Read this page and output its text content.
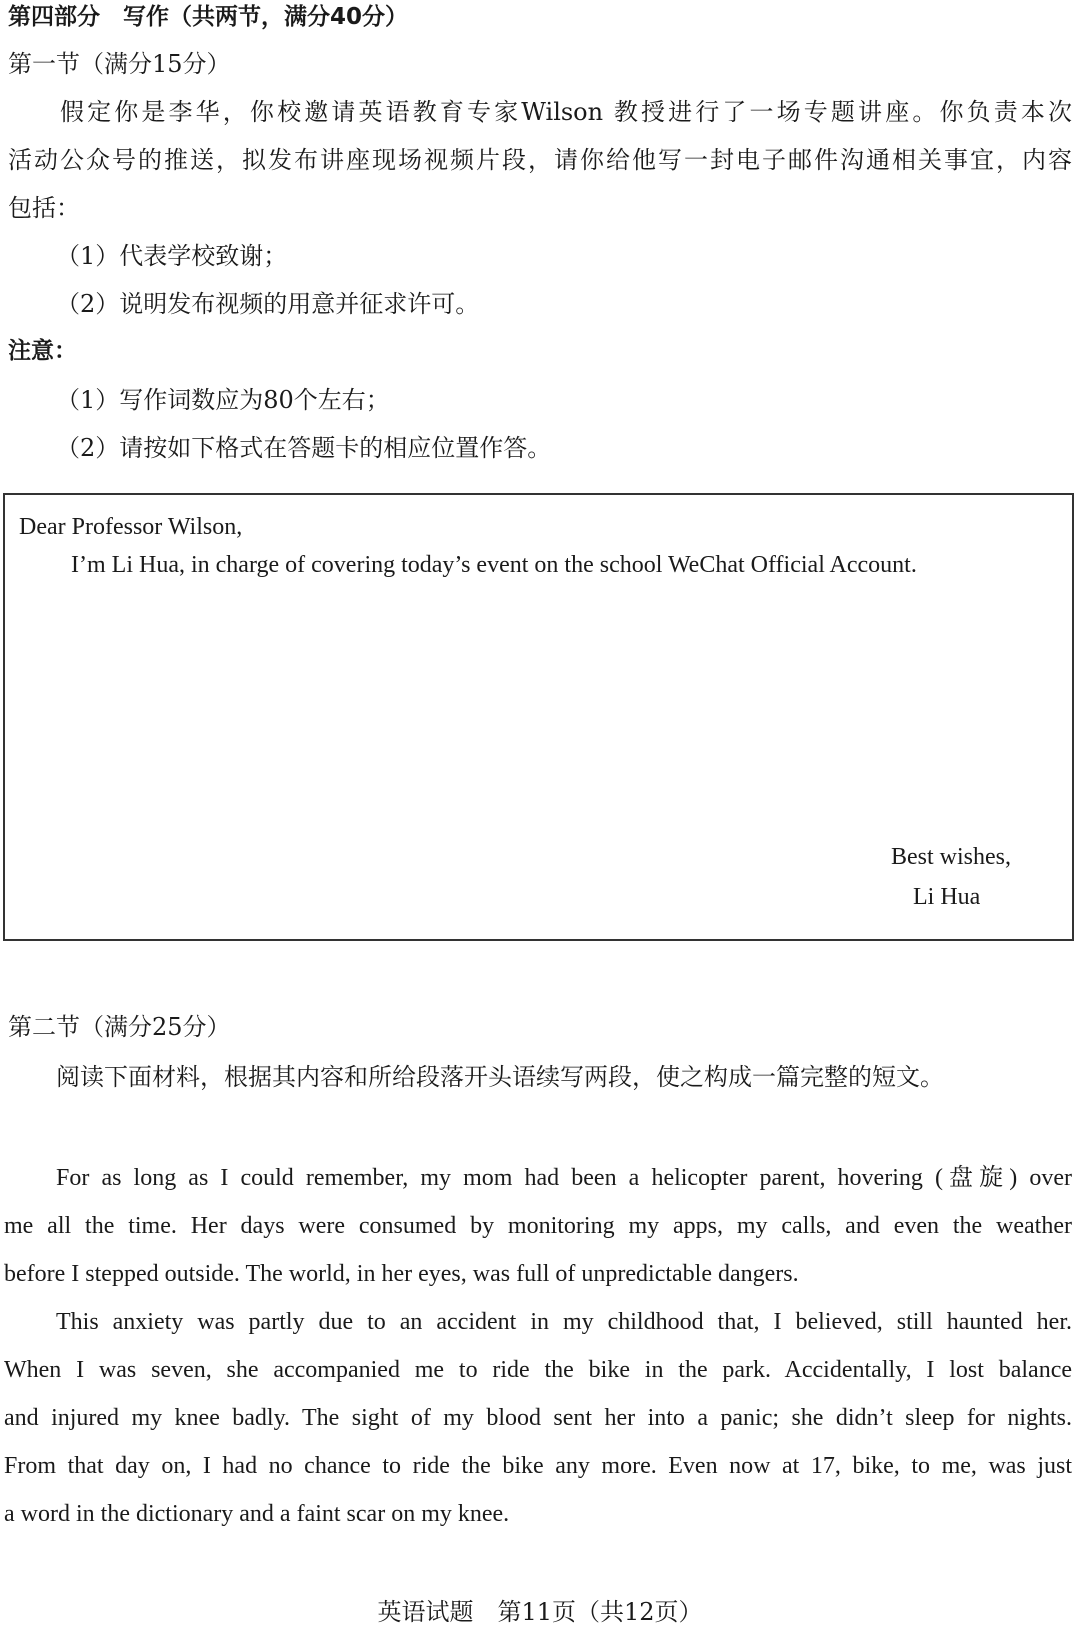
第四部分　写作（共两节，满分40分）
第一节（满分15分）
假定你是李华，你校邀请英语教育专家Wilson 教授进行了一场专题讲座。你负责本次
活动公众号的推送，拟发布讲座现场视频片段，请你给他写一封电子邮件沟通相关事宜，内容
包括：
（1）代表学校致谢；
（2）说明发布视频的用意并征求许可。
注意：
（1）写作词数应为80个左右；
（2）请按如下格式在答题卡的相应位置作答。
Dear Professor Wilson,
I’m Li Hua, in charge of covering today’s event on the school WeChat Official Account.
Best wishes,
Li Hua
第二节（满分25分）
阅读下面材料，根据其内容和所给段落开头语续写两段，使之构成一篇完整的短文。
For as long as I could remember, my mom had been a helicopter parent, hovering (盘旋) over
me all the time. Her days were consumed by monitoring my apps, my calls, and even the weather
before I stepped outside. The world, in her eyes, was full of unpredictable dangers.
This anxiety was partly due to an accident in my childhood that, I believed, still haunted her.
When I was seven, she accompanied me to ride the bike in the park. Accidentally, I lost balance
and injured my knee badly. The sight of my blood sent her into a panic; she didn’t sleep for nights.
From that day on, I had no chance to ride the bike any more. Even now at 17, bike, to me, was just
a word in the dictionary and a faint scar on my knee.
英语试题　第11页（共12页）
